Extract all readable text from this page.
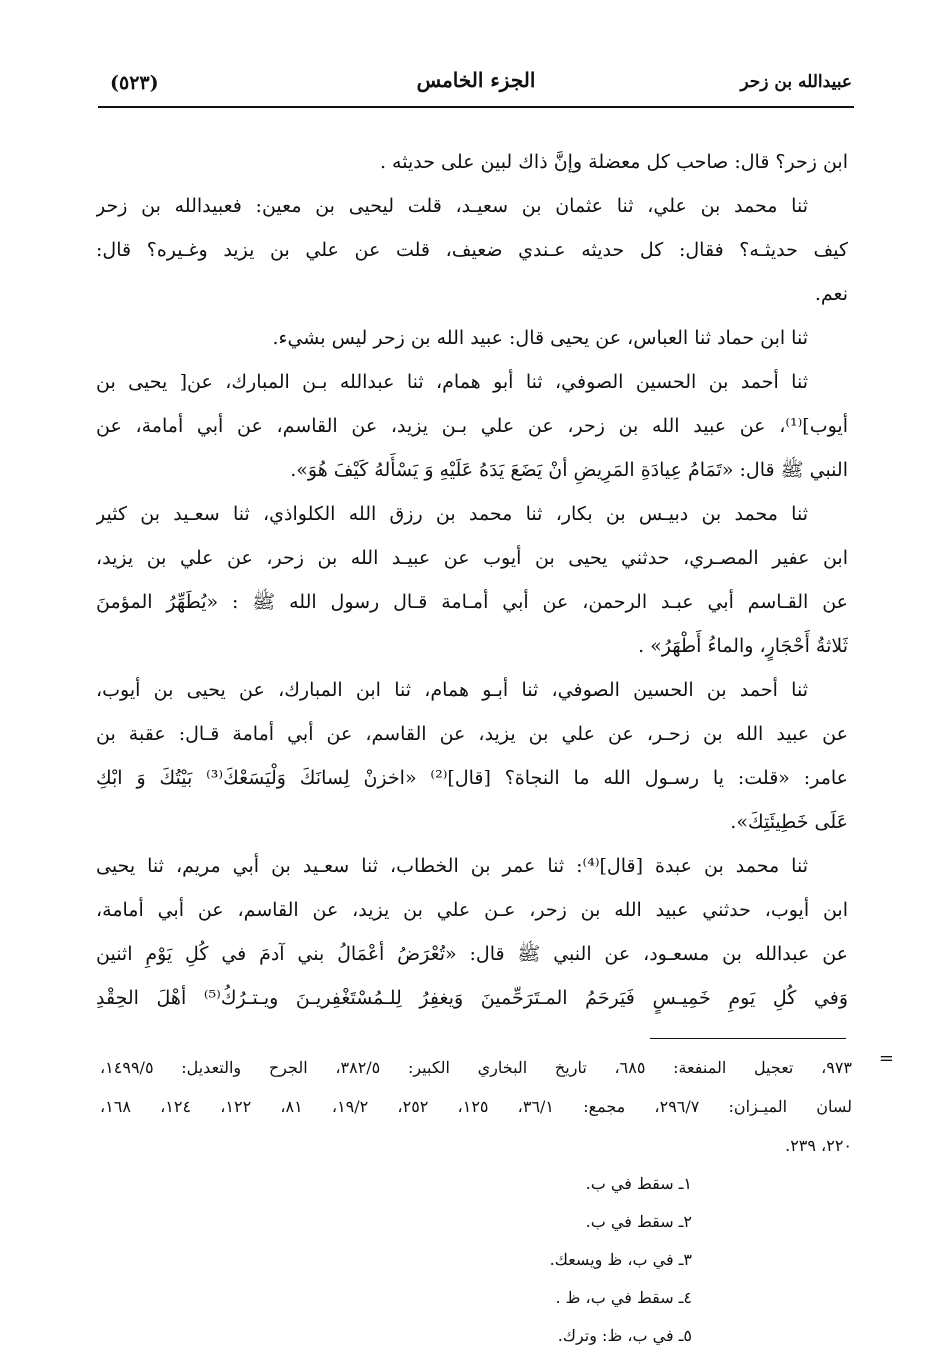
(٥٢٣)	الجزء الخامس	عبيدالله بن زحر
ابن زحر؟ قال: صاحب كل معضلة وإنَّ ذاك لبين على حديثه .
ثنا محمد بن علي، ثنا عثمان بن سعيـد، قلت ليحيى بن معين: فعبيدالله بن زحر
كيف حديثـه؟ فقال: كل حديثه عـندي ضعيف، قلت عن علي بن يزيد وغـيره؟ قال:
نعم.
ثنا ابن حماد ثنا العباس، عن يحيى قال: عبيد الله بن زحر ليس بشيء.
ثنا أحمد بن الحسين الصوفي، ثنا أبو همام، ثنا عبدالله بـن المبارك، عن[ يحيى بن
أيوب]⁽¹⁾، عن عبيد الله بن زحر، عن علي بـن يزيد، عن القاسم، عن أبي أمامة، عن
النبي ﷺ قال: «تَمَامُ عِيادَةِ المَرِيضِ أنْ يَضَعَ يَدَهُ عَلَيْهِ وَ يَسْأَلهُ كَيْفَ هُوَ».
ثنا محمد بن دبيـس بن بكار، ثنا محمد بن رزق الله الكلواذي، ثنا سعـيد بن كثير
ابن عفير المصـري، حدثني يحيى بن أيوب عن عبيـد الله بن زحر، عن علي بن يزيد،
عن القـاسم أبي عبـد الرحمن، عن أبي أمـامة قـال رسول الله ﷺ : «يُطَهِّرُ المؤمنَ
ثَلاثةُ أَحْجَارٍ، والماءُ أَطْهَرُ» .
ثنا أحمد بن الحسين الصوفي، ثنا أبـو همام، ثنا ابن المبارك، عن يحيى بن أيوب،
عن عبيد الله بن زحـر، عن علي بن يزيد، عن القاسم، عن أبي أمامة قـال: عقبة بن
عامر: «قلت: يا رسـول الله ما النجاة؟ [قال]⁽²⁾ «اخزنْ لِسانَكَ وَلْيَسَعْكَ⁽³⁾ بَيْتُكَ وَ ابْكِ
عَلَى خَطِيئَتِكَ».
ثنا محمد بن عبدة [قال]⁽⁴⁾: ثنا عمر بن الخطاب، ثنا سعـيد بن أبي مريم، ثنا يحيى
ابن أيوب، حدثني عبيد الله بن زحر، عـن علي بن يزيد، عن القاسم، عن أبي أمامة،
عن عبدالله بن مسعـود، عن النبي ﷺ قال: «تُعْرَضُ أعْمَالُ بني آدمَ في كُلِ يَوْمِ اثنين
وَفي كُلِ يَومِ خَمِيـسٍ فَيَرحَمُ المـتَرَحِّمينَ وَيغفِرُ لِلـمُسْتَغْفِريـنَ ويـتـرُكُ⁽⁵⁾ أهْلَ الحِقْدِ
=
٩٧٣، تعجيل المنفعة: ٦٨٥، تاريخ البخاري الكبير: ٣٨٢/٥، الجرح والتعديل: ١٤٩٩/٥،
لسان الميـزان: ٢٩٦/٧، مجمع: ٣٦/١، ١٢٥، ٢٥٢، ١٩/٢، ٨١، ١٢٢، ١٢٤، ١٦٨،
٢٢٠، ٢٣٩.
١ـ سقط في ب.
٢ـ سقط في ب.
٣ـ في ب، ظ ويسعك.
٤ـ سقط في ب، ظ .
٥ـ في ب، ظ: وترك.
